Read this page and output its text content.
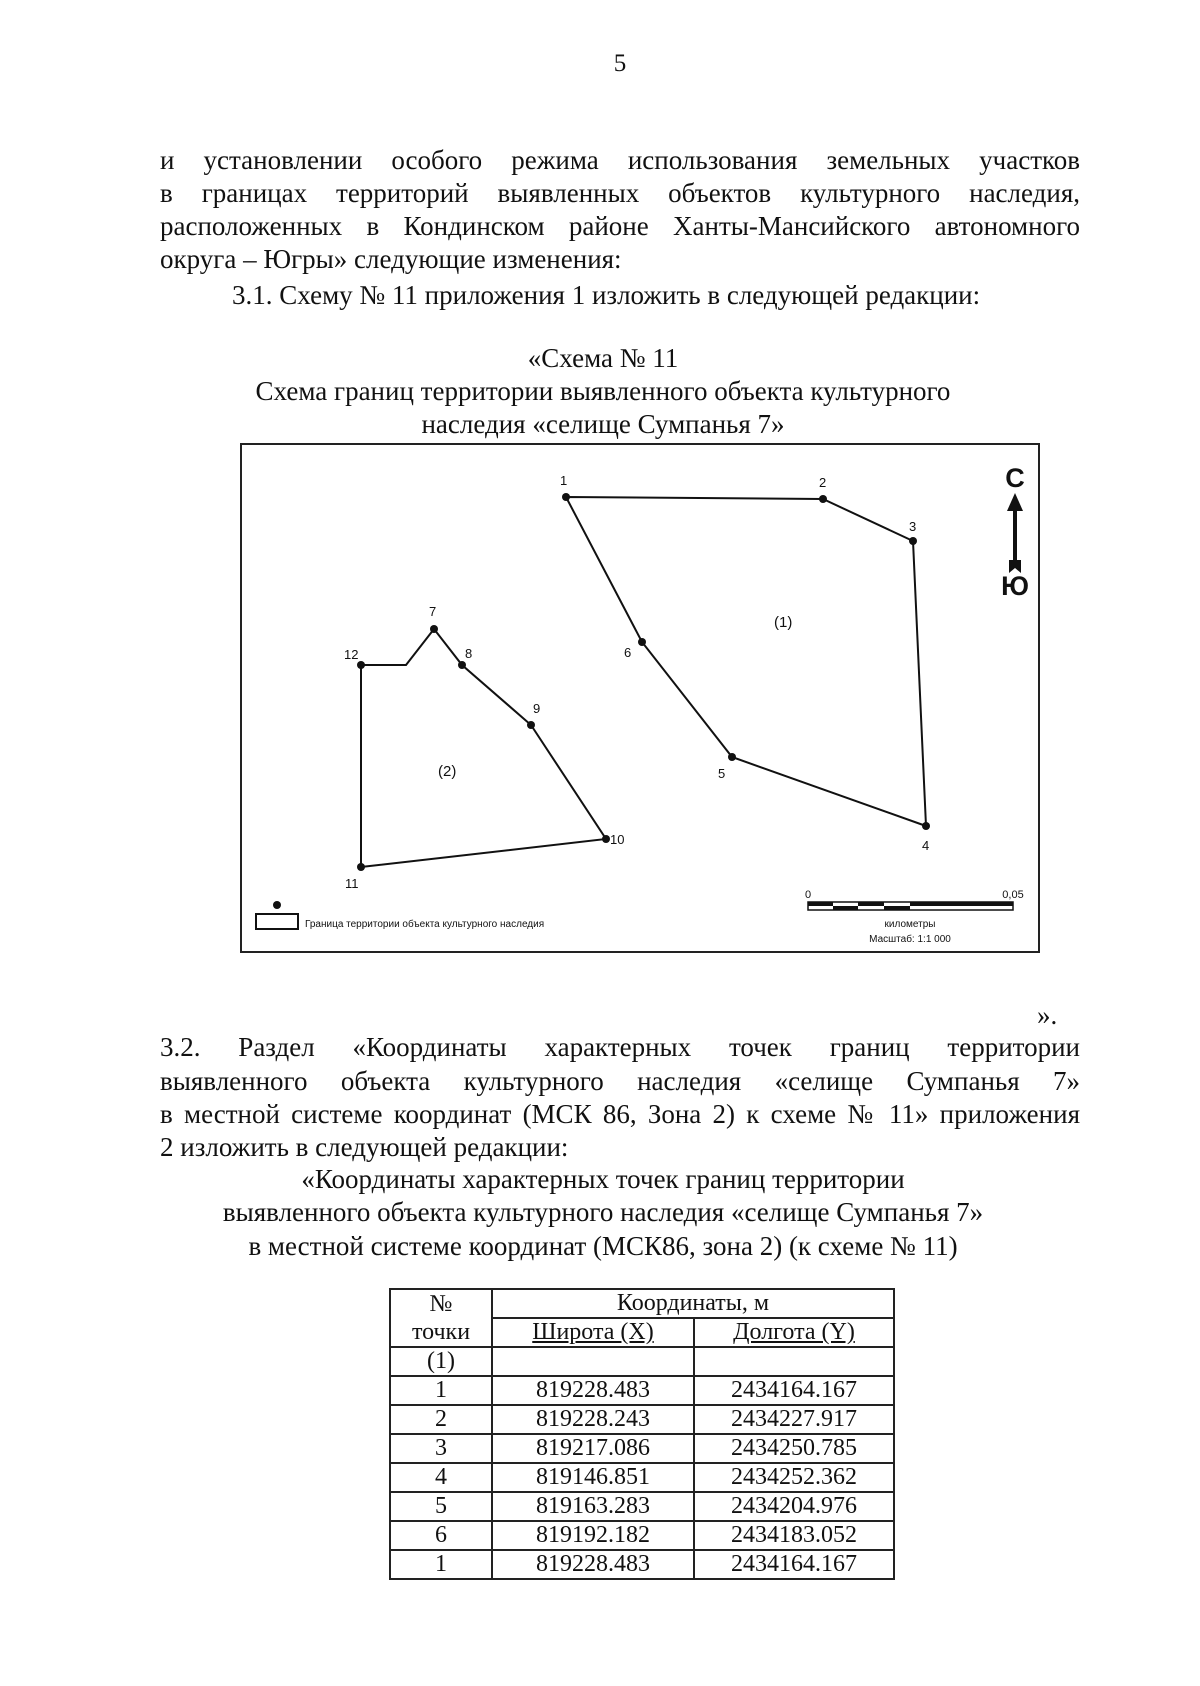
5
и установлении особого режима использования земельных участков
в границах территорий выявленных объектов культурного наследия,
расположенных в Кондинском районе Ханты-Мансийского автономного
округа – Югры» следующие изменения:
3.1. Схему № 11 приложения 1 изложить в следующей редакции:
«Схема № 11
Схема границ территории выявленного объекта культурного
наследия «селище Сумпанья 7»
1	2
3
4
5
6
7
8
9
10
11
12
(1)
(2)
С
Ю
Граница территории объекта культурного наследия
0	0,05
километры
Масштаб: 1:1 000
».
3.2. Раздел «Координаты характерных точек границ территории
выявленного объекта культурного наследия «селище Сумпанья 7»
в местной системе координат (МСК 86, Зона 2) к схеме № 11» приложения
2 изложить в следующей редакции:
«Координаты характерных точек границ территории
выявленного объекта культурного наследия «селище Сумпанья 7»
в местной системе координат (МСК86, зона 2) (к схеме № 11)
№
точки	Координаты, м	
	Широта (X)	Долгота (Y)
(1)		
1	819228.483	2434164.167
2	819228.243	2434227.917
3	819217.086	2434250.785
4	819146.851	2434252.362
5	819163.283	2434204.976
6	819192.182	2434183.052
1	819228.483	2434164.167
